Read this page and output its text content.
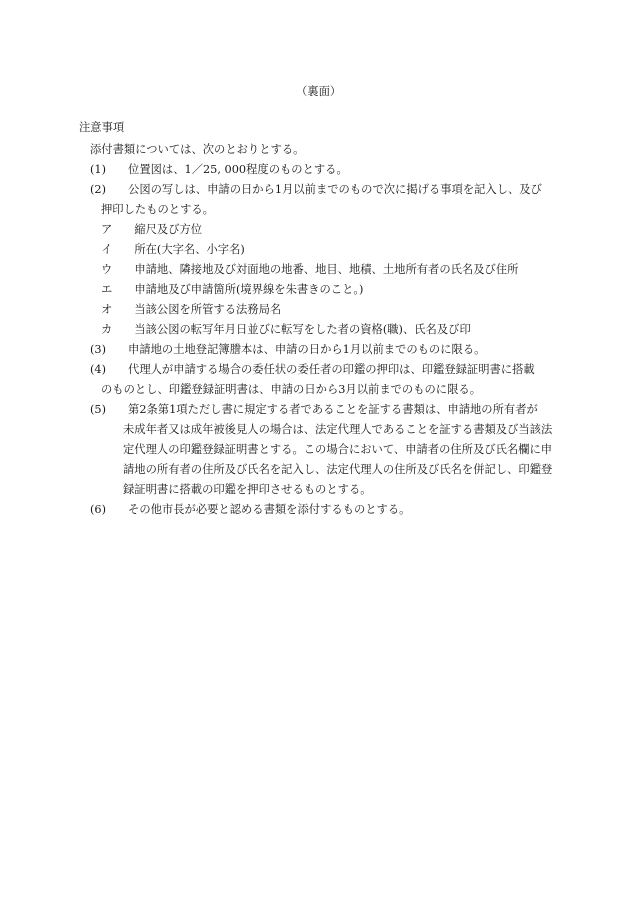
（裏面）
注意事項
添付書類については、次のとおりとする。
(1) 位置図は、1／25, 000程度のものとする。
(2) 公図の写しは、申請の日から1月以前までのもので次に掲げる事項を記入し、及び
押印したものとする。
ア 縮尺及び方位
イ 所在(大字名、小字名)
ウ 申請地、隣接地及び対面地の地番、地目、地積、土地所有者の氏名及び住所
エ 申請地及び申請箇所(境界線を朱書きのこと。)
オ 当該公図を所管する法務局名
カ 当該公図の転写年月日並びに転写をした者の資格(職)、氏名及び印
(3) 申請地の土地登記簿謄本は、申請の日から1月以前までのものに限る。
(4) 代理人が申請する場合の委任状の委任者の印鑑の押印は、印鑑登録証明書に搭載
のものとし、印鑑登録証明書は、申請の日から3月以前までのものに限る。
(5) 第2条第1項ただし書に規定する者であることを証する書類は、申請地の所有者が
未成年者又は成年被後見人の場合は、法定代理人であることを証する書類及び当該法
定代理人の印鑑登録証明書とする。この場合において、申請者の住所及び氏名欄に申
請地の所有者の住所及び氏名を記入し、法定代理人の住所及び氏名を併記し、印鑑登
録証明書に搭載の印鑑を押印させるものとする。
(6) その他市長が必要と認める書類を添付するものとする。
